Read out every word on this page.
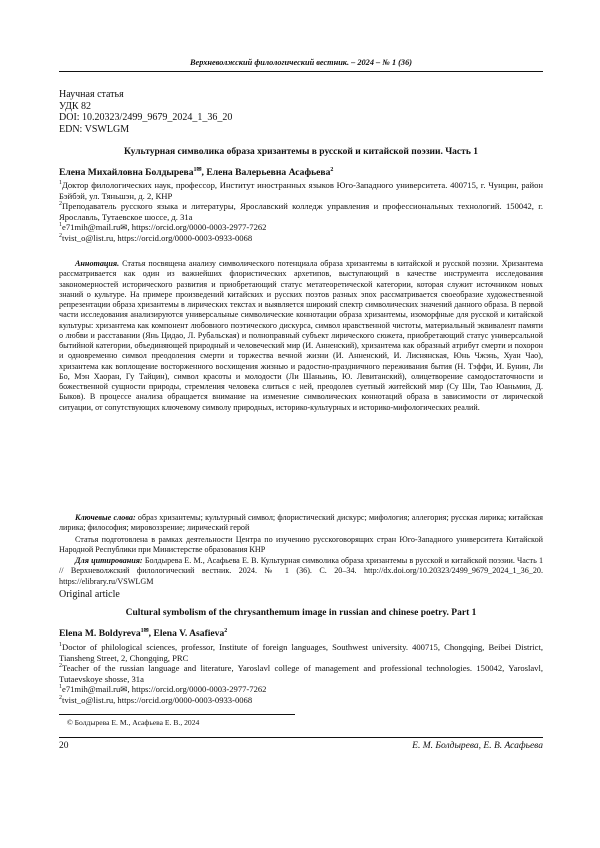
Верхневолжский филологический вестник. – 2024 – № 1 (36)
Научная статья
УДК 82
DOI: 10.20323/2499_9679_2024_1_36_20
EDN: VSWLGM
Культурная символика образа хризантемы в русской и китайской поэзии. Часть 1
Елена Михайловна Болдырева$^{1✉}$, Елена Валерьевна Асафьева$^2$

$^1$Доктор филологических наук, профессор, Институт иностранных языков Юго-Западного университета. 400715, г. Чунцин, район Бэйбэй, ул. Тяньшэн, д. 2, КНР

$^2$Преподаватель русского языка и литературы, Ярославский колледж управления и профессиональных технологий. 150042, г. Ярославль, Тутаевское шоссе, д. 31а

$^1$e71mih@mail.ru✉, https://orcid.org/0000-0003-2977-7262

$^2$tvist_o@list.ru, https://orcid.org/0000-0003-0933-0068

Аннотация. Статья посвящена анализу символического потенциала образа хризантемы в китайской и русской поэзии. Хризантема рассматривается как один из важнейших флористических архетипов, выступающий в качестве инструмента исследования закономерностей исторического развития и приобретающий статус метатеоретической категории, которая служит источником новых знаний о культуре. На примере произведений китайских и русских поэтов разных эпох рассматривается своеобразие художественной репрезентации образа хризантемы в лирических текстах и выявляется широкий спектр символических значений данного образа. В первой части исследования анализируются универсальные символические коннотации образа хризантемы, изоморфные для русской и китайской культуры: хризантема как компонент любовного поэтического дискурса, символ нравственной чистоты, материальный эквивалент памяти о любви и расставании (Янь Цидао, Л. Рубальская) и полноправный субъект лирического сюжета, приобретающий статус универсальной бытийной категории, объединяющей природный и человеческий мир (И. Анненский), хризантема как образный атрибут смерти и похорон и одновременно символ преодоления смерти и торжества вечной жизни (И. Анненский, И. Лиснянская, Юнь Чжэнь, Хуан Чао), хризантема как воплощение восторженного восхищения жизнью и радостно-праздничного переживания бытия (Н. Тэффи, И. Бунин, Ли Бо, Мэн Хаоран, Гу Тайцин), символ красоты и молодости (Ли Шаньинь, Ю. Левитанский), олицетворение самодостаточности и божественной сущности природы, стремления человека слиться с ней, преодолев суетный житейский мир (Су Ши, Тао Юаньмин, Д. Быков). В процессе анализа обращается внимание на изменение символических коннотаций образа в зависимости от лирической ситуации, от сопутствующих ключевому символу природных, историко-культурных и историко-мифологических реалий.
Ключевые слова: образ хризантемы; культурный символ; флористический дискурс; мифология; аллегория; русская лирика; китайская лирика; философия; мировоззрение; лирический герой
Статья подготовлена в рамках деятельности Центра по изучению русскоговорящих стран Юго-Западного университета Китайской Народной Республики при Министерстве образования КНР
Для цитирования: Болдырева Е. М., Асафьева Е. В. Культурная символика образа хризантемы в русской и китайской поэзии. Часть 1 // Верхневолжский филологический вестник. 2024. № 1 (36). С. 20–34. http://dx.doi.org/10.20323/2499_9679_2024_1_36_20. https://elibrary.ru/VSWLGM
Original article
Cultural symbolism of the chrysanthemum image in russian and chinese poetry. Part 1
Elena M. Boldyreva$^{1✉}$, Elena V. Asafieva$^2$

$^1$Doctor of philological sciences, professor, Institute of foreign languages, Southwest university. 400715, Chongqing, Beibei District, Tiansheng Street, 2, Chongqing, PRC

$^2$Teacher of the russian language and literature, Yaroslavl college of management and professional technologies. 150042, Yaroslavl, Tutaevskoye shosse, 31a

$^1$e71mih@mail.ru✉, https://orcid.org/0000-0003-2977-7262

$^2$tvist_o@list.ru, https://orcid.org/0000-0003-0933-0068

© Болдырева Е. М., Асафьева Е. В., 2024
20	Е. М. Болдырева, Е. В. Асафьева
